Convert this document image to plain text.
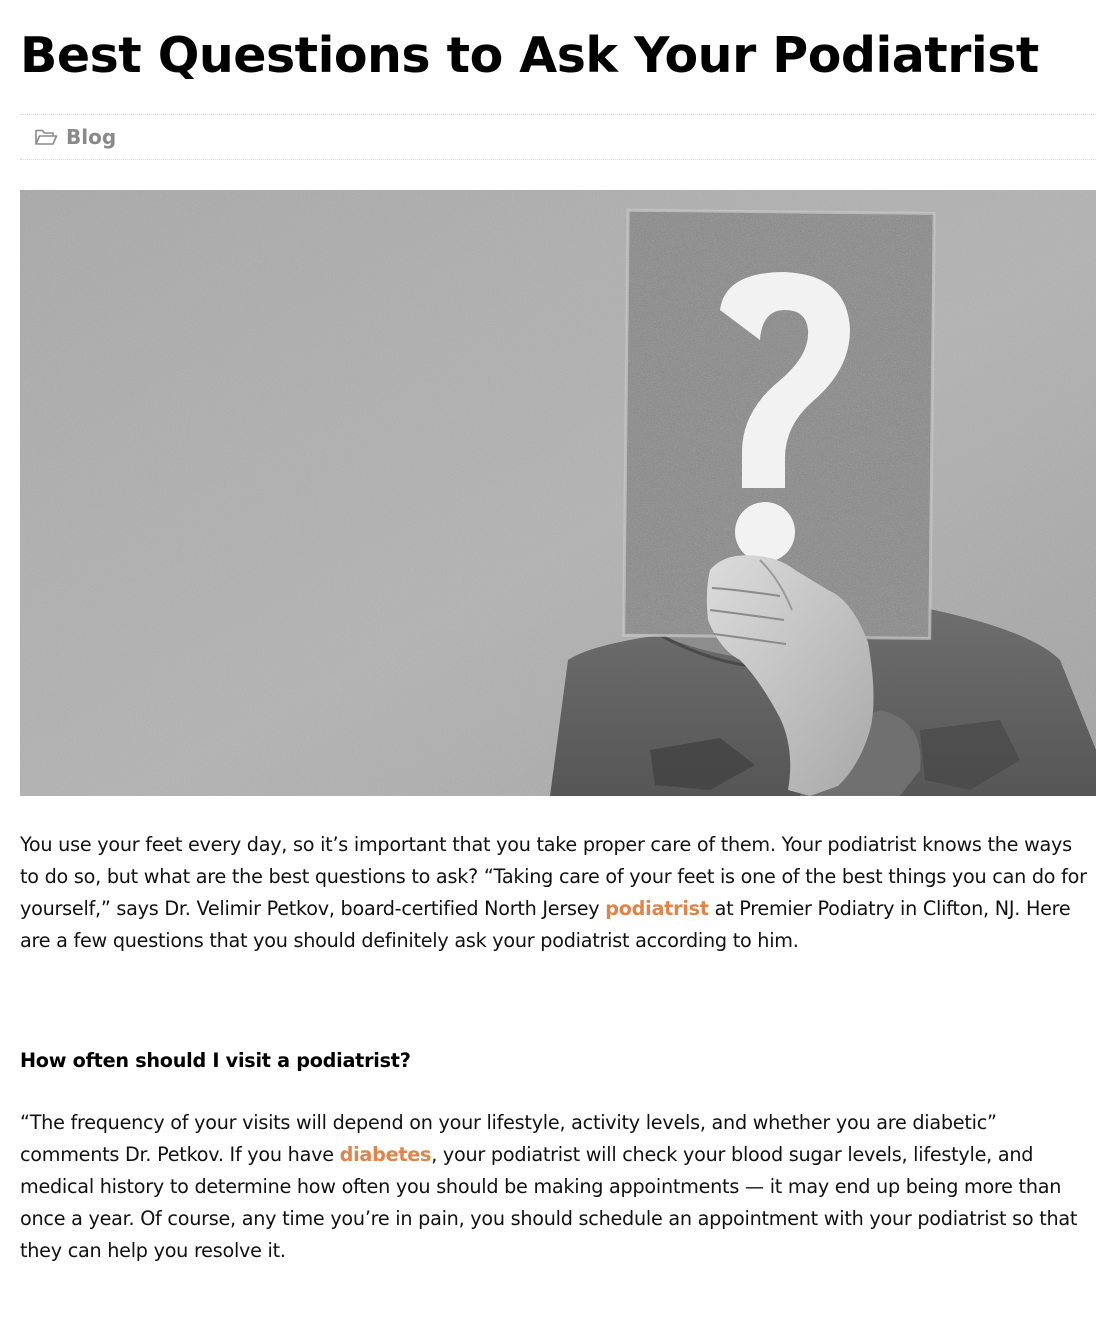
Best Questions to Ask Your Podiatrist
Blog

You use your feet every day, so it’s important that you take proper care of them. Your podiatrist knows the ways to do so, but what are the best questions to ask? “Taking care of your feet is one of the best things you can do for yourself,” says Dr. Velimir Petkov, board-certified North Jersey podiatrist at Premier Podiatry in Clifton, NJ. Here are a few questions that you should definitely ask your podiatrist according to him.

How often should I visit a podiatrist?

“The frequency of your visits will depend on your lifestyle, activity levels, and whether you are diabetic” comments Dr. Petkov. If you have diabetes, your podiatrist will check your blood sugar levels, lifestyle, and medical history to determine how often you should be making appointments — it may end up being more than once a year. Of course, any time you’re in pain, you should schedule an appointment with your podiatrist so that they can help you resolve it.
